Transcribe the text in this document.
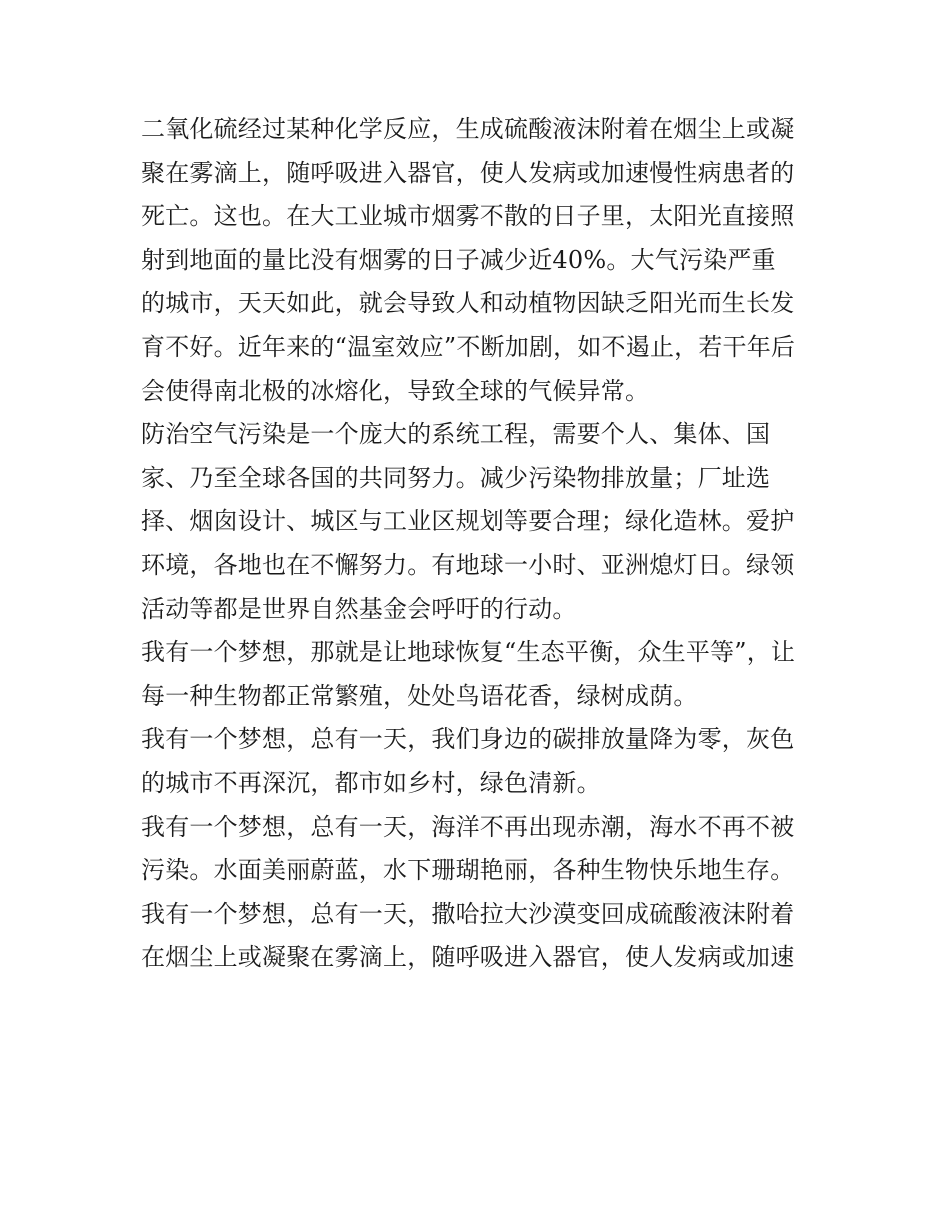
二氧化硫经过某种化学反应，生成硫酸液沫附着在烟尘上或凝
聚在雾滴上，随呼吸进入器官，使人发病或加速慢性病患者的
死亡。这也。在大工业城市烟雾不散的日子里，太阳光直接照
射到地面的量比没有烟雾的日子减少近40%。大气污染严重
的城市，天天如此，就会导致人和动植物因缺乏阳光而生长发
育不好。近年来的“温室效应”不断加剧，如不遏止，若干年后
会使得南北极的冰熔化，导致全球的气候异常。
防治空气污染是一个庞大的系统工程，需要个人、集体、国
家、乃至全球各国的共同努力。减少污染物排放量；厂址选
择、烟囱设计、城区与工业区规划等要合理；绿化造林。爱护
环境，各地也在不懈努力。有地球一小时、亚洲熄灯日。绿领
活动等都是世界自然基金会呼吁的行动。
我有一个梦想，那就是让地球恢复“生态平衡，众生平等”，让
每一种生物都正常繁殖，处处鸟语花香，绿树成荫。
我有一个梦想，总有一天，我们身边的碳排放量降为零，灰色
的城市不再深沉，都市如乡村，绿色清新。
我有一个梦想，总有一天，海洋不再出现赤潮，海水不再不被
污染。水面美丽蔚蓝，水下珊瑚艳丽，各种生物快乐地生存。
我有一个梦想，总有一天，撒哈拉大沙漠变回成硫酸液沫附着
在烟尘上或凝聚在雾滴上，随呼吸进入器官，使人发病或加速
